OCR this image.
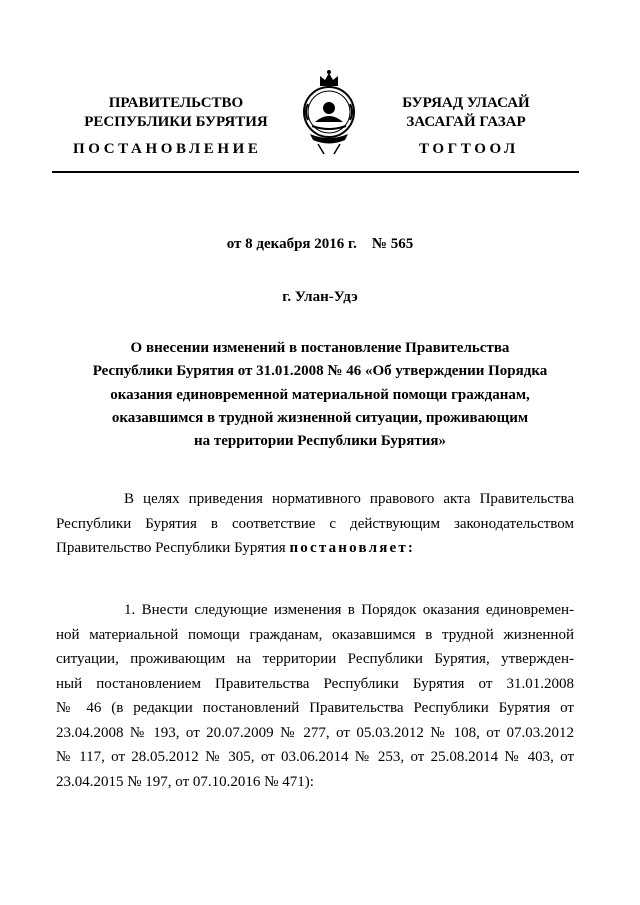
ПРАВИТЕЛЬСТВО
РЕСПУБЛИКИ БУРЯТИЯ
БУРЯАД УЛАСАЙ
ЗАСАГАЙ ГАЗАР
ПОСТАНОВЛЕНИЕ	ТОГТООЛ
от 8 декабря 2016 г.    № 565
г. Улан-Удэ
О внесении изменений в постановление Правительства
Республики Бурятия от 31.01.2008 № 46 «Об утверждении Порядка
оказания единовременной материальной помощи гражданам,
оказавшимся в трудной жизненной ситуации, проживающим
на территории Республики Бурятия»
В целях приведения нормативного правового акта Правительства
Республики Бурятия в соответствие с действующим законодательством
Правительство Республики Бурятия постановляет:
1. Внести следующие изменения в Порядок оказания единовремен-
ной материальной помощи гражданам, оказавшимся в трудной жизненной
ситуации, проживающим на территории Республики Бурятия, утвержден-
ный постановлением Правительства Республики Бурятия от 31.01.2008
№ 46 (в редакции постановлений Правительства Республики Бурятия от
23.04.2008 № 193, от 20.07.2009 № 277, от 05.03.2012 № 108, от 07.03.2012
№ 117, от 28.05.2012 № 305, от 03.06.2014 № 253, от 25.08.2014 № 403, от
23.04.2015 № 197, от 07.10.2016 № 471):
